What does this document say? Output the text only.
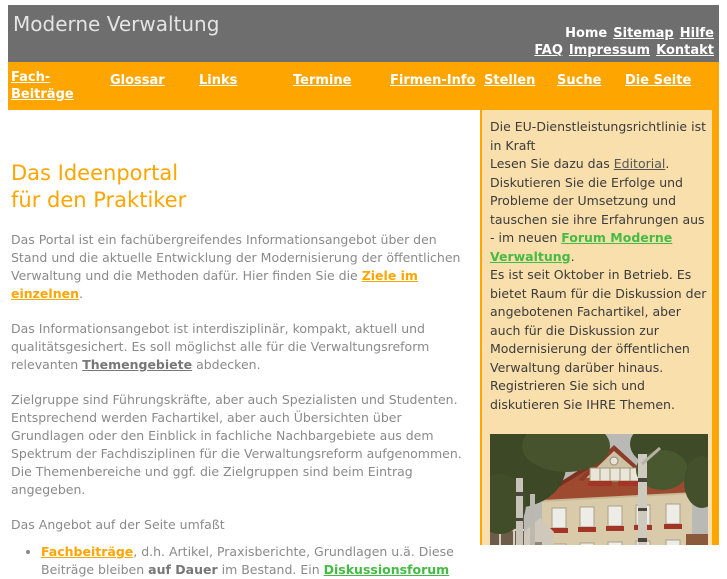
Moderne Verwaltung	Home Sitemap Hilfe
FAQ Impressum Kontakt
Fach-Beiträge
Glossar	Links	Termine	Firmen-Info Stellen	Suche	Die Seite
Das Ideenportal
für den Praktiker

Das Portal ist ein fachübergreifendes Informationsangebot über den Stand und die aktuelle Entwicklung der Modernisierung der öffentlichen Verwaltung und die Methoden dafür. Hier finden Sie die Ziele im einzelnen.

Das Informationsangebot ist interdisziplinär, kompakt, aktuell und qualitätsgesichert. Es soll möglichst alle für die Verwaltungsreform relevanten Themengebiete abdecken.

Zielgruppe sind Führungskräfte, aber auch Spezialisten und Studenten. Entsprechend werden Fachartikel, aber auch Übersichten über Grundlagen oder den Einblick in fachliche Nachbargebiete aus dem Spektrum der Fachdisziplinen für die Verwaltungsreform aufgenommen. Die Themenbereiche und ggf. die Zielgruppen sind beim Eintrag angegeben.

Das Angebot auf der Seite umfaßt

• Fachbeiträge, d.h. Artikel, Praxisberichte, Grundlagen u.ä. Diese Beiträge bleiben auf Dauer im Bestand. Ein Diskussionsforum
Die EU-Dienstleistungsrichtlinie ist in Kraft
Lesen Sie dazu das Editorial.
Diskutieren Sie die Erfolge und Probleme der Umsetzung und tauschen sie ihre Erfahrungen aus - im neuen Forum Moderne Verwaltung.
Es ist seit Oktober in Betrieb. Es bietet Raum für die Diskussion der angebotenen Fachartikel, aber auch für die Diskussion zur Modernisierung der öffentlichen Verwaltung darüber hinaus. Registrieren Sie sich und diskutieren Sie IHRE Themen.
